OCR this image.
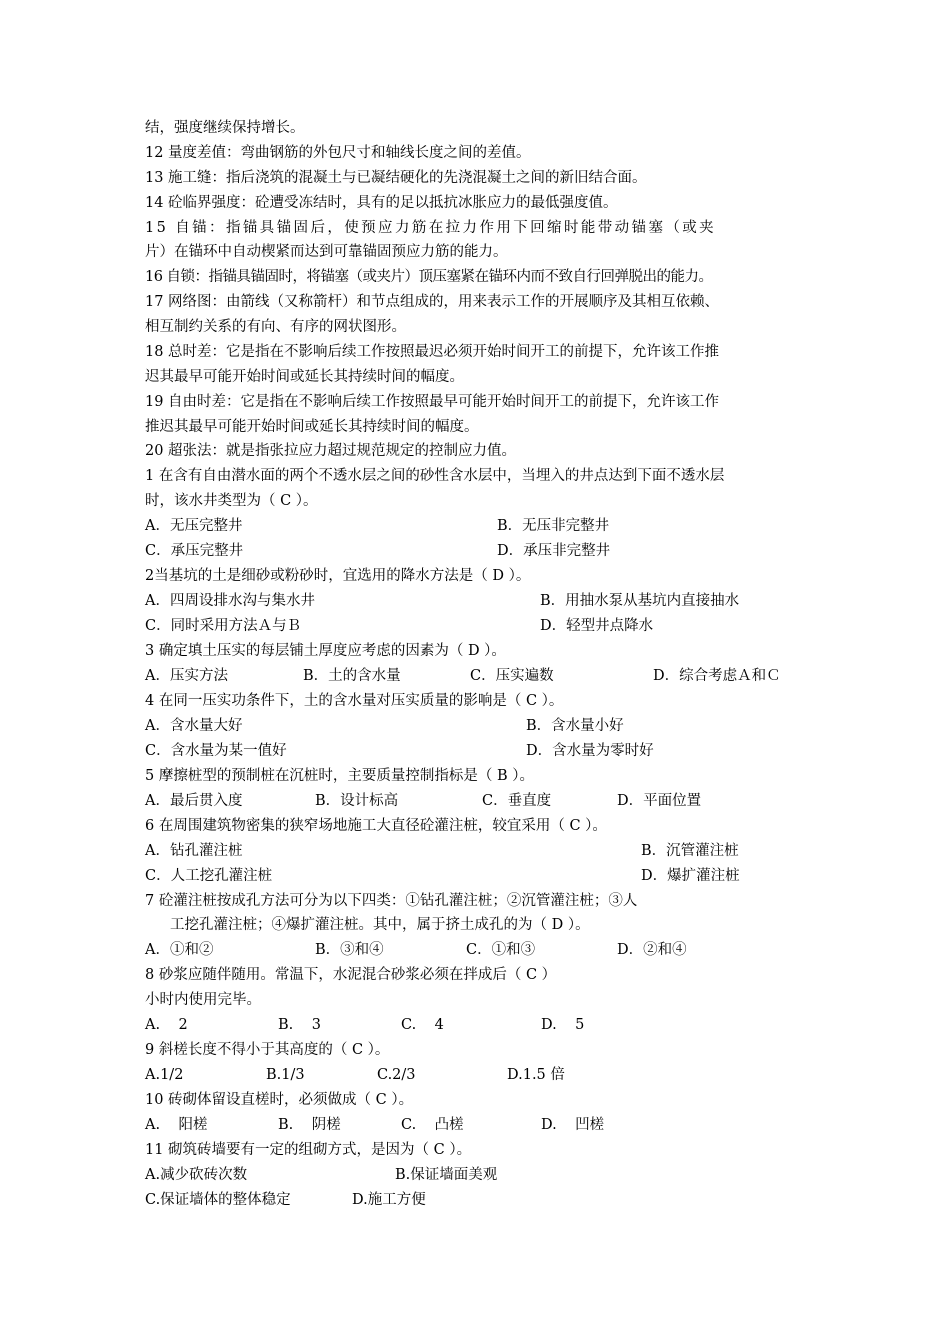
结，强度继续保持增长。
12 量度差值：弯曲钢筋的外包尺寸和轴线长度之间的差值。
13 施工缝：指后浇筑的混凝土与已凝结硬化的先浇混凝土之间的新旧结合面。
14 砼临界强度：砼遭受冻结时，具有的足以抵抗冰胀应力的最低强度值。
15 自锚：指锚具锚固后，使预应力筋在拉力作用下回缩时能带动锚塞（或夹
片）在锚环中自动楔紧而达到可靠锚固预应力筋的能力。
16 自锁：指锚具锚固时，将锚塞（或夹片）顶压塞紧在锚环内而不致自行回弹脱出的能力。
17 网络图：由箭线（又称箭杆）和节点组成的，用来表示工作的开展顺序及其相互依赖、
相互制约关系的有向、有序的网状图形。
18 总时差：它是指在不影响后续工作按照最迟必须开始时间开工的前提下，允许该工作推
迟其最早可能开始时间或延长其持续时间的幅度。
19 自由时差：它是指在不影响后续工作按照最早可能开始时间开工的前提下，允许该工作
推迟其最早可能开始时间或延长其持续时间的幅度。
20 超张法：就是指张拉应力超过规范规定的控制应力值。
1 在含有自由潜水面的两个不透水层之间的砂性含水层中，当埋入的井点达到下面不透水层
时，该水井类型为（ C ）。
A．无压完整井	B．无压非完整井
C．承压完整井	D．承压非完整井
2当基坑的土是细砂或粉砂时，宜选用的降水方法是（ D ）。
A．四周设排水沟与集水井	B．用抽水泵从基坑内直接抽水
C．同时采用方法Ａ与Ｂ	D．轻型井点降水
3 确定填土压实的每层铺土厚度应考虑的因素为（ D ）。
A．压实方法	B．土的含水量	C．压实遍数	D．综合考虑Ａ和Ｃ
4 在同一压实功条件下，土的含水量对压实质量的影响是（ C ）。
A．含水量大好	B．含水量小好
C．含水量为某一值好	D．含水量为零时好
5 摩擦桩型的预制桩在沉桩时，主要质量控制指标是（ B ）。
A．最后贯入度	B．设计标高	C．垂直度	D．平面位置
6 在周围建筑物密集的狭窄场地施工大直径砼灌注桩，较宜采用（ C ）。
A．钻孔灌注桩	B．沉管灌注桩
C．人工挖孔灌注桩	D．爆扩灌注桩
7 砼灌注桩按成孔方法可分为以下四类：①钻孔灌注桩；②沉管灌注桩；③人
工挖孔灌注桩；④爆扩灌注桩。其中，属于挤土成孔的为（ D ）。
A．①和②	B．③和④	C．①和③	D．②和④
8 砂浆应随伴随用。常温下，水泥混合砂浆必须在拌成后（ C ）
小时内使用完毕。
A.    2	B.    3	C.    4	D.    5
9 斜槎长度不得小于其高度的（ C ）。
A.1/2	B.1/3	C.2/3	D.1.5 倍
10 砖砌体留设直槎时，必须做成（ C ）。
A.    阳槎	B.    阴槎	C.    凸槎	D.    凹槎
11 砌筑砖墙要有一定的组砌方式，是因为（ C ）。
A.减少砍砖次数	B.保证墙面美观
C.保证墙体的整体稳定	D.施工方便
